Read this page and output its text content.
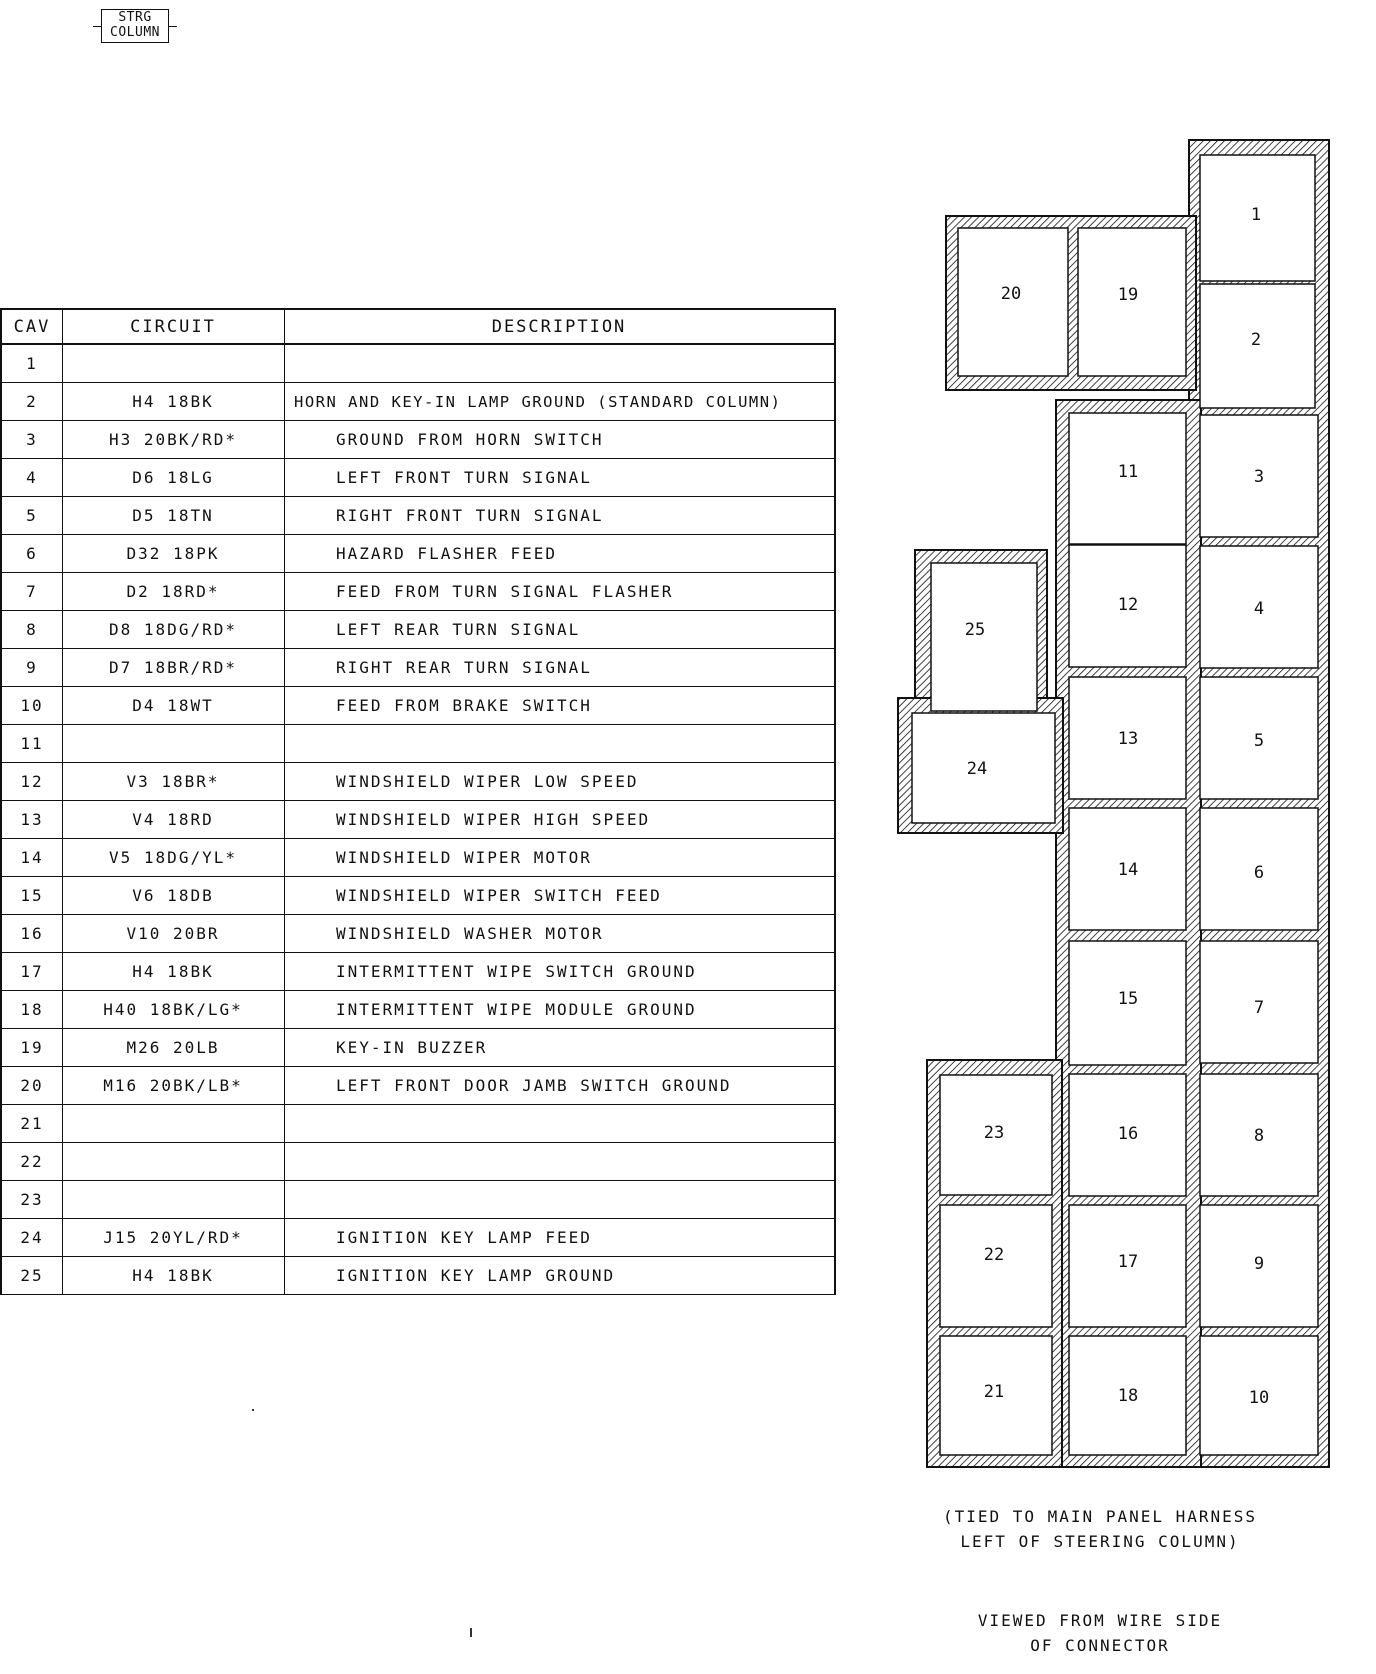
STRG
COLUMN
CAV	CIRCUIT	DESCRIPTION
1
2	H4 18BK	HORN AND KEY-IN LAMP GROUND (STANDARD COLUMN)
3	H3 20BK/RD*	GROUND FROM HORN SWITCH
4	D6 18LG	LEFT FRONT TURN SIGNAL
5	D5 18TN	RIGHT FRONT TURN SIGNAL
6	D32 18PK	HAZARD FLASHER FEED
7	D2 18RD*	FEED FROM TURN SIGNAL FLASHER
8	D8 18DG/RD*	LEFT REAR TURN SIGNAL
9	D7 18BR/RD*	RIGHT REAR TURN SIGNAL
10	D4 18WT	FEED FROM BRAKE SWITCH
11
12	V3 18BR*	WINDSHIELD WIPER LOW SPEED
13	V4 18RD	WINDSHIELD WIPER HIGH SPEED
14	V5 18DG/YL*	WINDSHIELD WIPER MOTOR
15	V6 18DB	WINDSHIELD WIPER SWITCH FEED
16	V10 20BR	WINDSHIELD WASHER MOTOR
17	H4 18BK	INTERMITTENT WIPE SWITCH GROUND
18	H40 18BK/LG*	INTERMITTENT WIPE MODULE GROUND
19	M26 20LB	KEY-IN BUZZER
20	M16 20BK/LB*	LEFT FRONT DOOR JAMB SWITCH GROUND
21
22
23
24	J15 20YL/RD*	IGNITION KEY LAMP FEED
25	H4 18BK	IGNITION KEY LAMP GROUND
1
2
3
4
5
6
7
8
9
10
11
12
13
14
15
16
17
18
19
20
21
22
23
24
25
(TIED TO MAIN PANEL HARNESS
LEFT OF STEERING COLUMN)
VIEWED FROM WIRE SIDE
OF CONNECTOR
